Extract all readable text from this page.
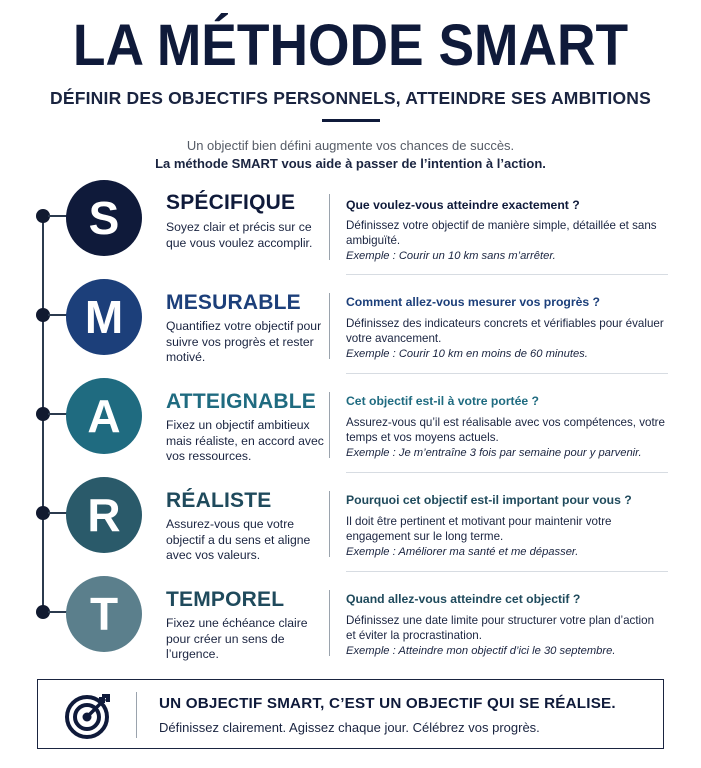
LA MÉTHODE SMART
DÉFINIR DES OBJECTIFS PERSONNELS, ATTEINDRE SES AMBITIONS
Un objectif bien défini augmente vos chances de succès.
La méthode SMART vous aide à passer de l’intention à l’action.
S	SPÉCIFIQUE
Soyez clair et précis sur ce que vous voulez accomplir.
Que voulez-vous atteindre exactement ?
Définissez votre objectif de manière simple, détaillée et sans ambiguïté.
Exemple : Courir un 10 km sans m’arrêter.
M	MESURABLE
Quantifiez votre objectif pour suivre vos progrès et rester motivé.
Comment allez-vous mesurer vos progrès ?
Définissez des indicateurs concrets et vérifiables pour évaluer votre avancement.
Exemple : Courir 10 km en moins de 60 minutes.
A	ATTEIGNABLE
Fixez un objectif ambitieux mais réaliste, en accord avec vos ressources.
Cet objectif est-il à votre portée ?
Assurez-vous qu’il est réalisable avec vos compétences, votre temps et vos moyens actuels.
Exemple : Je m’entraîne 3 fois par semaine pour y parvenir.
R	RÉALISTE
Assurez-vous que votre objectif a du sens et aligne avec vos valeurs.
Pourquoi cet objectif est-il important pour vous ?
Il doit être pertinent et motivant pour maintenir votre engagement sur le long terme.
Exemple : Améliorer ma santé et me dépasser.
T	TEMPOREL
Fixez une échéance claire pour créer un sens de l’urgence.
Quand allez-vous atteindre cet objectif ?
Définissez une date limite pour structurer votre plan d’action et éviter la procrastination.
Exemple : Atteindre mon objectif d’ici le 30 septembre.
UN OBJECTIF SMART, C’EST UN OBJECTIF QUI SE RÉALISE.
Définissez clairement. Agissez chaque jour. Célébrez vos progrès.
